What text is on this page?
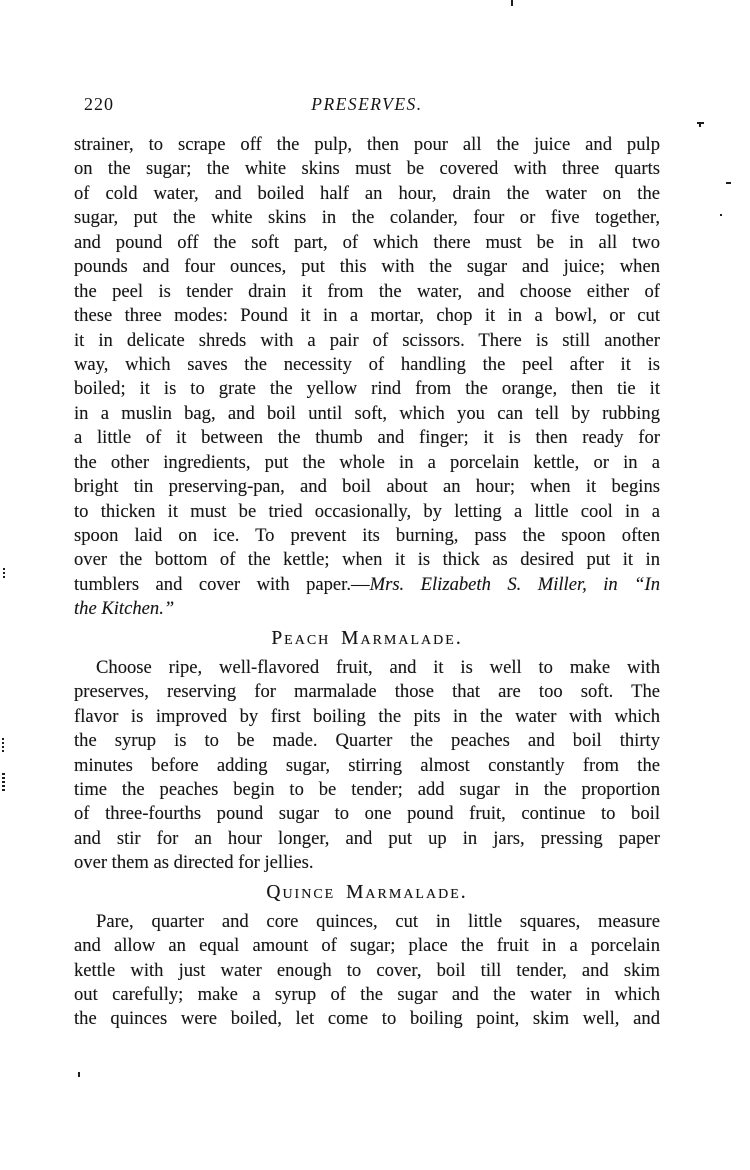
220	PRESERVES.
strainer, to scrape off the pulp, then pour all the juice and pulp
on the sugar; the white skins must be covered with three quarts
of cold water, and boiled half an hour, drain the water on the
sugar, put the white skins in the colander, four or five together,
and pound off the soft part, of which there must be in all two
pounds and four ounces, put this with the sugar and juice; when
the peel is tender drain it from the water, and choose either of
these three modes: Pound it in a mortar, chop it in a bowl, or cut
it in delicate shreds with a pair of scissors. There is still another
way, which saves the necessity of handling the peel after it is
boiled; it is to grate the yellow rind from the orange, then tie it
in a muslin bag, and boil until soft, which you can tell by rubbing
a little of it between the thumb and finger; it is then ready for
the other ingredients, put the whole in a porcelain kettle, or in a
bright tin preserving-pan, and boil about an hour; when it begins
to thicken it must be tried occasionally, by letting a little cool in a
spoon laid on ice. To prevent its burning, pass the spoon often
over the bottom of the kettle; when it is thick as desired put it in
tumblers and cover with paper.—Mrs. Elizabeth S. Miller, in “In
the Kitchen.”
Peach Marmalade.
Choose ripe, well-flavored fruit, and it is well to make with
preserves, reserving for marmalade those that are too soft. The
flavor is improved by first boiling the pits in the water with which
the syrup is to be made. Quarter the peaches and boil thirty
minutes before adding sugar, stirring almost constantly from the
time the peaches begin to be tender; add sugar in the proportion
of three-fourths pound sugar to one pound fruit, continue to boil
and stir for an hour longer, and put up in jars, pressing paper
over them as directed for jellies.
Quince Marmalade.
Pare, quarter and core quinces, cut in little squares, measure
and allow an equal amount of sugar; place the fruit in a porcelain
kettle with just water enough to cover, boil till tender, and skim
out carefully; make a syrup of the sugar and the water in which
the quinces were boiled, let come to boiling point, skim well, and
